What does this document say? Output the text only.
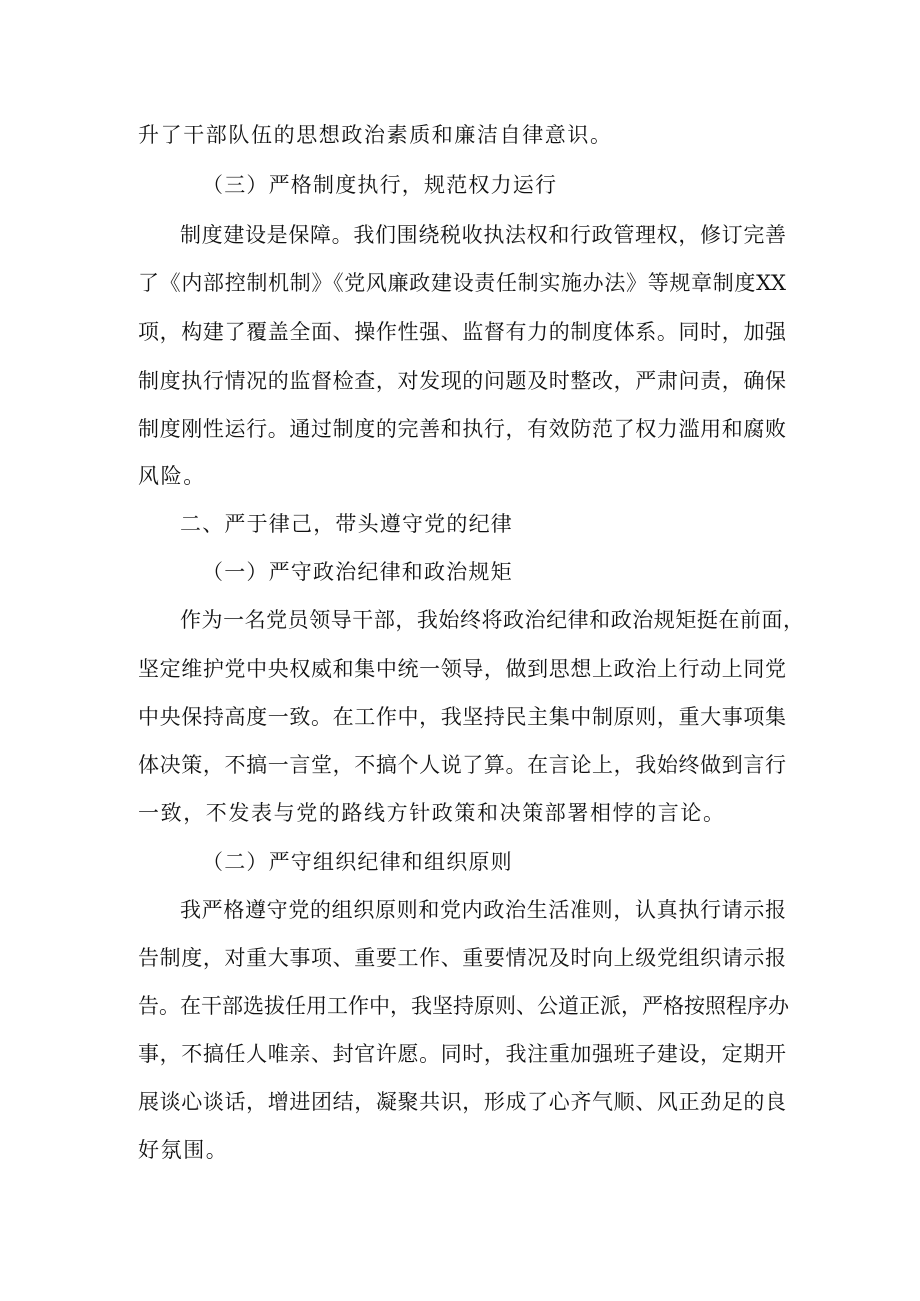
升了干部队伍的思想政治素质和廉洁自律意识。
（三）严格制度执行，规范权力运行
制度建设是保障。我们围绕税收执法权和行政管理权，修订完善
了《内部控制机制》《党风廉政建设责任制实施办法》等规章制度XX
项，构建了覆盖全面、操作性强、监督有力的制度体系。同时，加强
制度执行情况的监督检查，对发现的问题及时整改，严肃问责，确保
制度刚性运行。通过制度的完善和执行，有效防范了权力滥用和腐败
风险。
二、严于律己，带头遵守党的纪律
（一）严守政治纪律和政治规矩
作为一名党员领导干部，我始终将政治纪律和政治规矩挺在前面，
坚定维护党中央权威和集中统一领导，做到思想上政治上行动上同党
中央保持高度一致。在工作中，我坚持民主集中制原则，重大事项集
体决策，不搞一言堂，不搞个人说了算。在言论上，我始终做到言行
一致，不发表与党的路线方针政策和决策部署相悖的言论。
（二）严守组织纪律和组织原则
我严格遵守党的组织原则和党内政治生活准则，认真执行请示报
告制度，对重大事项、重要工作、重要情况及时向上级党组织请示报
告。在干部选拔任用工作中，我坚持原则、公道正派，严格按照程序办
事，不搞任人唯亲、封官许愿。同时，我注重加强班子建设，定期开
展谈心谈话，增进团结，凝聚共识，形成了心齐气顺、风正劲足的良
好氛围。
